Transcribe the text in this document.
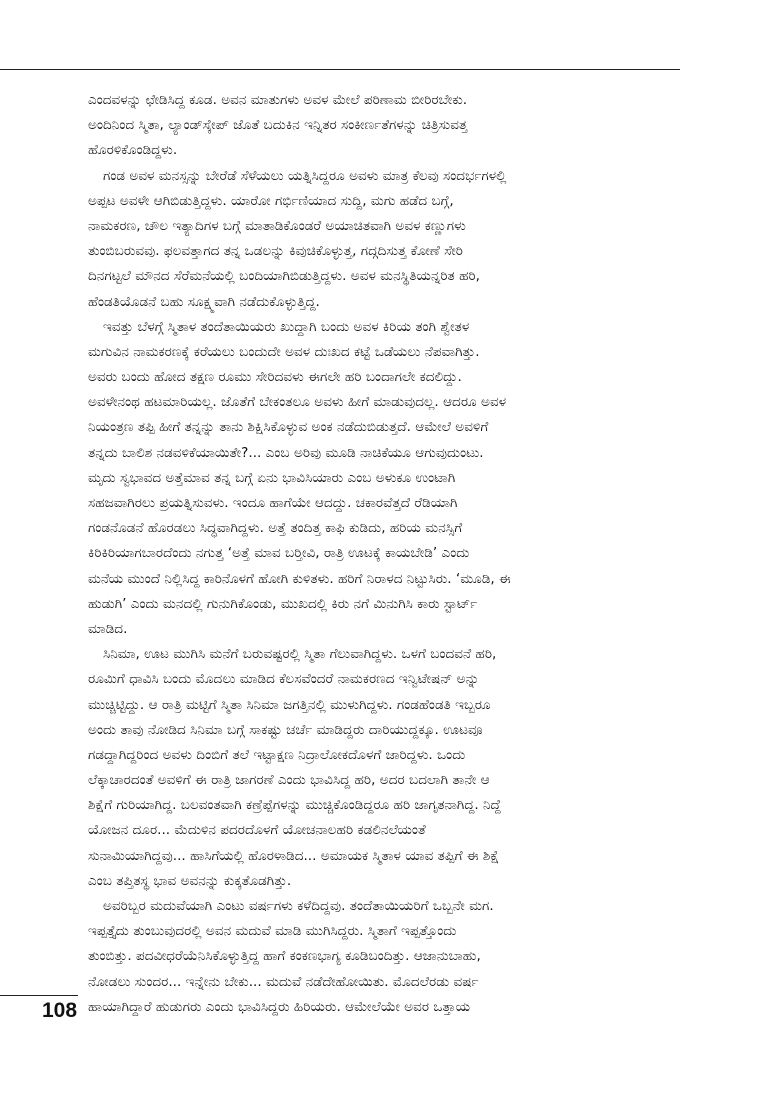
ಎಂದವಳನ್ನು ಛೇಡಿಸಿದ್ದ ಕೂಡ. ಅವನ ಮಾತುಗಳು ಅವಳ ಮೇಲೆ ಪರಿಣಾಮ ಬೀರಿರಬೇಕು.
ಅಂದಿನಿಂದ ಸ್ಮಿತಾ, ಲ್ಯಾಂಡ್‌ಸ್ಕೇಪ್ ಜೊತೆ ಬದುಕಿನ ಇನ್ನಿತರ ಸಂಕೀರ್ಣತೆಗಳನ್ನು ಚಿತ್ರಿಸುವತ್ತ
ಹೊರಳಿಕೊಂಡಿದ್ದಳು.
ಗಂಡ ಅವಳ ಮನಸ್ಸನ್ನು ಬೇರೆಡೆ ಸೆಳೆಯಲು ಯತ್ನಿಸಿದ್ದರೂ ಅವಳು ಮಾತ್ರ ಕೆಲವು ಸಂದರ್ಭಗಳಲ್ಲಿ
ಅಪ್ಪಟ ಅವಳೇ ಆಗಿಬಿಡುತ್ತಿದ್ದಳು. ಯಾರೋ ಗರ್ಭಿಣಿಯಾದ ಸುದ್ದಿ, ಮಗು ಹಡೆದ ಬಗ್ಗೆ,
ನಾಮಕರಣ, ಚೌಲ ಇತ್ಯಾದಿಗಳ ಬಗ್ಗೆ ಮಾತಾಡಿಕೊಂಡರೆ ಅಯಾಚಿತವಾಗಿ ಅವಳ ಕಣ್ಣುಗಳು
ತುಂಬಿಬರುವವು. ಫಲವತ್ತಾಗದ ತನ್ನ ಒಡಲನ್ನು ಕಿವುಚಿಕೊಳ್ಳುತ್ತ, ಗದ್ಗದಿಸುತ್ತ ಕೋಣೆ ಸೇರಿ
ದಿನಗಟ್ಟಲೆ ಮೌನದ ಸೆರೆಮನೆಯಲ್ಲಿ ಬಂದಿಯಾಗಿಬಿಡುತ್ತಿದ್ದಳು. ಅವಳ ಮನಸ್ಥಿತಿಯನ್ನರಿತ ಹರಿ,
ಹೆಂಡತಿಯೊಡನೆ ಬಹು ಸೂಕ್ಷ್ಮವಾಗಿ ನಡೆದುಕೊಳ್ಳುತ್ತಿದ್ದ.
ಇವತ್ತು ಬೆಳಗ್ಗೆ ಸ್ಮಿತಾಳ ತಂದೆತಾಯಿಯರು ಖುದ್ದಾಗಿ ಬಂದು ಅವಳ ಕಿರಿಯ ತಂಗಿ ಶ್ವೇತಳ
ಮಗುವಿನ ನಾಮಕರಣಕ್ಕೆ ಕರೆಯಲು ಬಂದುದೇ ಅವಳ ದುಃಖದ ಕಟ್ಟೆ ಒಡೆಯಲು ನೆಪವಾಗಿತ್ತು.
ಅವರು ಬಂದು ಹೋದ ತಕ್ಷಣ ರೂಮು ಸೇರಿದವಳು ಈಗಲೇ ಹರಿ ಬಂದಾಗಲೇ ಕದಲಿದ್ದು.
ಅವಳೇನಂಥ ಹಟಮಾರಿಯಲ್ಲ. ಜೊತೆಗೆ ಬೇಕಂತಲೂ ಅವಳು ಹೀಗೆ ಮಾಡುವುದಲ್ಲ. ಆದರೂ ಅವಳ
ನಿಯಂತ್ರಣ ತಪ್ಪಿ ಹೀಗೆ ತನ್ನನ್ನು ತಾನು ಶಿಕ್ಷಿಸಿಕೊಳ್ಳುವ ಅಂಕ ನಡೆದುಬಿಡುತ್ತದೆ. ಆಮೇಲೆ ಅವಳಿಗೆ
ತನ್ನದು ಬಾಲಿಶ ನಡವಳಿಕೆಯಾಯಿತೇ?... ಎಂಬ ಅರಿವು ಮೂಡಿ ನಾಚಿಕೆಯೂ ಆಗುವುದುಂಟು.
ಮೃದು ಸ್ವಭಾವದ ಅತ್ತೆಮಾವ ತನ್ನ ಬಗ್ಗೆ ಏನು ಭಾವಿಸಿಯಾರು ಎಂಬ ಅಳುಕೂ ಉಂಟಾಗಿ
ಸಹಜವಾಗಿರಲು ಪ್ರಯತ್ನಿಸುವಳು. ಇಂದೂ ಹಾಗೆಯೇ ಆದದ್ದು. ಚಕಾರವೆತ್ತದೆ ರೆಡಿಯಾಗಿ
ಗಂಡನೊಡನೆ ಹೊರಡಲು ಸಿದ್ಧವಾಗಿದ್ದಳು. ಅತ್ತೆ ತಂದಿತ್ತ ಕಾಫಿ ಕುಡಿದು, ಹರಿಯ ಮನಸ್ಸಿಗೆ
ಕಿರಿಕಿರಿಯಾಗಬಾರದೆಂದು ನಗುತ್ತ ‘ಅತ್ತೆ ಮಾವ ಬರ್‍ತೀವಿ, ರಾತ್ರಿ ಊಟಕ್ಕೆ ಕಾಯಬೇಡಿ’ ಎಂದು
ಮನೆಯ ಮುಂದೆ ನಿಲ್ಲಿಸಿದ್ದ ಕಾರಿನೊಳಗೆ ಹೋಗಿ ಕುಳಿತಳು. ಹರಿಗೆ ನಿರಾಳದ ನಿಟ್ಟುಸಿರು. ‘ಮೂಡಿ, ಈ
ಹುಡುಗಿ’ ಎಂದು ಮನದಲ್ಲಿ ಗುನುಗಿಕೊಂಡು, ಮುಖದಲ್ಲಿ ಕಿರು ನಗೆ ಮಿನುಗಿಸಿ ಕಾರು ಸ್ಟಾರ್ಟ್
ಮಾಡಿದ.
ಸಿನಿಮಾ, ಊಟ ಮುಗಿಸಿ ಮನೆಗೆ ಬರುವಷ್ಟರಲ್ಲಿ ಸ್ಮಿತಾ ಗೆಲುವಾಗಿದ್ದಳು. ಒಳಗೆ ಬಂದವನೆ ಹರಿ,
ರೂಮಿಗೆ ಧಾವಿಸಿ ಬಂದು ಮೊದಲು ಮಾಡಿದ ಕೆಲಸವೆಂದರೆ ನಾಮಕರಣದ ಇನ್ವಿಟೇಷನ್ ಅನ್ನು
ಮುಚ್ಚಿಟ್ಟಿದ್ದು. ಆ ರಾತ್ರಿ ಮಟ್ಟಿಗೆ ಸ್ಮಿತಾ ಸಿನಿಮಾ ಜಗತ್ತಿನಲ್ಲಿ ಮುಳುಗಿದ್ದಳು. ಗಂಡಹೆಂಡತಿ ಇಬ್ಬರೂ
ಅಂದು ತಾವು ನೋಡಿದ ಸಿನಿಮಾ ಬಗ್ಗೆ ಸಾಕಷ್ಟು ಚರ್ಚೆ ಮಾಡಿದ್ದರು ದಾರಿಯುದ್ದಕ್ಕೂ. ಊಟವೂ
ಗಡದ್ದಾಗಿದ್ದರಿಂದ ಅವಳು ದಿಂಬಿಗೆ ತಲೆ ಇಟ್ಟಾಕ್ಷಣ ನಿದ್ರಾಲೋಕದೊಳಗೆ ಜಾರಿದ್ದಳು. ಒಂದು
ಲೆಕ್ಕಾಚಾರದಂತೆ ಅವಳಿಗೆ ಈ ರಾತ್ರಿ ಜಾಗರಣೆ ಎಂದು ಭಾವಿಸಿದ್ದ ಹರಿ, ಅದರ ಬದಲಾಗಿ ತಾನೇ ಆ
ಶಿಕ್ಷೆಗೆ ಗುರಿಯಾಗಿದ್ದ. ಬಲವಂತವಾಗಿ ಕಣ್ರೆಪ್ಪೆಗಳನ್ನು ಮುಚ್ಚಿಕೊಂಡಿದ್ದರೂ ಹರಿ ಜಾಗೃತನಾಗಿದ್ದ. ನಿದ್ದೆ
ಯೋಜನ ದೂರ... ಮೆದುಳಿನ ಪದರದೊಳಗೆ ಯೋಚನಾಲಹರಿ ಕಡಲಿನಲೆಯಂತೆ
ಸುನಾಮಿಯಾಗಿದ್ದವು... ಹಾಸಿಗೆಯಲ್ಲಿ ಹೊರಳಾಡಿದ... ಅಮಾಯಕ ಸ್ಮಿತಾಳ ಯಾವ ತಪ್ಪಿಗೆ ಈ ಶಿಕ್ಷೆ
ಎಂಬ ತಪ್ತಿತಸ್ಥ ಭಾವ ಅವನನ್ನು ಕುಕ್ಕತೊಡಗಿತ್ತು.
ಅವರಿಬ್ಬರ ಮದುವೆಯಾಗಿ ಎಂಟು ವರ್ಷಗಳು ಕಳೆದಿದ್ದವು. ತಂದೆತಾಯಿಯರಿಗೆ ಒಬ್ಬನೇ ಮಗ.
ಇಪ್ಪತ್ತೈದು ತುಂಬುವುದರಲ್ಲಿ ಅವನ ಮದುವೆ ಮಾಡಿ ಮುಗಿಸಿದ್ದರು. ಸ್ಮಿತಾಗೆ ಇಪ್ಪತ್ತೊಂದು
ತುಂಬಿತ್ತು. ಪದವೀಧರೆಯೆನಿಸಿಕೊಳ್ಳುತ್ತಿದ್ದ ಹಾಗೆ ಕಂಕಣಭಾಗ್ಯ ಕೂಡಿಬಂದಿತ್ತು. ಆಜಾನುಬಾಹು,
ನೋಡಲು ಸುಂದರ... ಇನ್ನೇನು ಬೇಕು... ಮದುವೆ ನಡೆದೇಹೋಯಿತು. ಮೊದಲೆರಡು ವರ್ಷ
ಹಾಯಾಗಿದ್ದಾರೆ ಹುಡುಗರು ಎಂದು ಭಾವಿಸಿದ್ದರು ಹಿರಿಯರು. ಆಮೇಲೆಯೇ ಅವರ ಒತ್ತಾಯ
108
